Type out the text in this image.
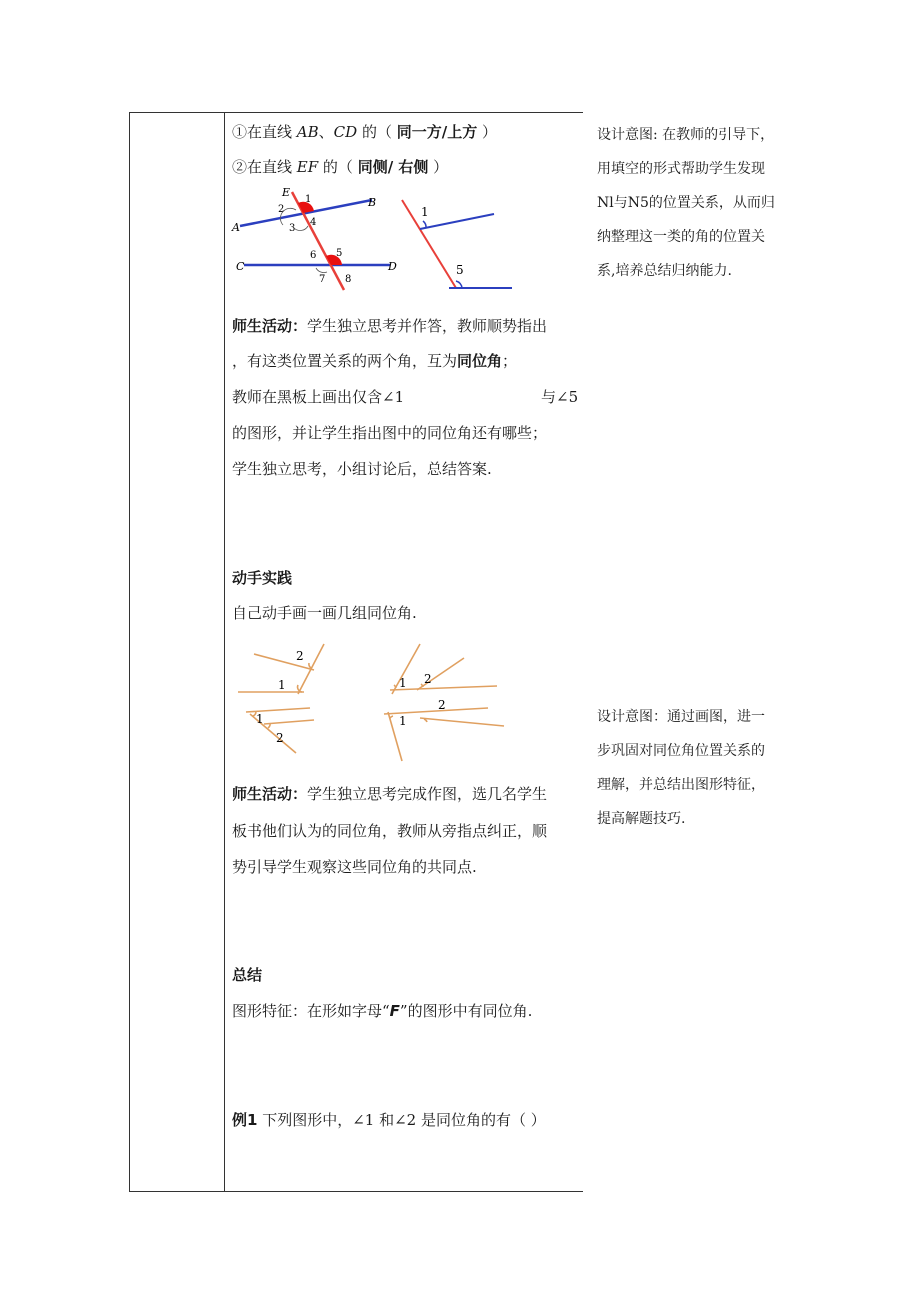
①在直线 AB、CD 的（ 同一方/上方 ）
②在直线 EF 的（ 同侧/ 右侧 ）
E
A
B
C	D
1
2
3
4
5
6
7 8
1
5
师生活动：学生独立思考并作答，教师顺势指出
，有这类位置关系的两个角，互为同位角；
教师在黑板上画出仅含∠1	与∠5
的图形，并让学生指出图中的同位角还有哪些；
学生独立思考，小组讨论后，总结答案.
动手实践
自己动手画一画几组同位角.
2
1
1
2
1 2
1
2
师生活动：学生独立思考完成作图，选几名学生
板书他们认为的同位角，教师从旁指点纠正，顺
势引导学生观察这些同位角的共同点.
总结
图形特征：在形如字母“F”的图形中有同位角.
例1 下列图形中，∠1 和∠2 是同位角的有（ ）
设计意图: 在教师的引导下，
用填空的形式帮助学生发现
Nl与N5的位置关系，从而归
纳整理这一类的角的位置关
系,培养总结归纳能力.
设计意图：通过画图，进一
步巩固对同位角位置关系的
理解，并总结出图形特征，
提高解题技巧.
